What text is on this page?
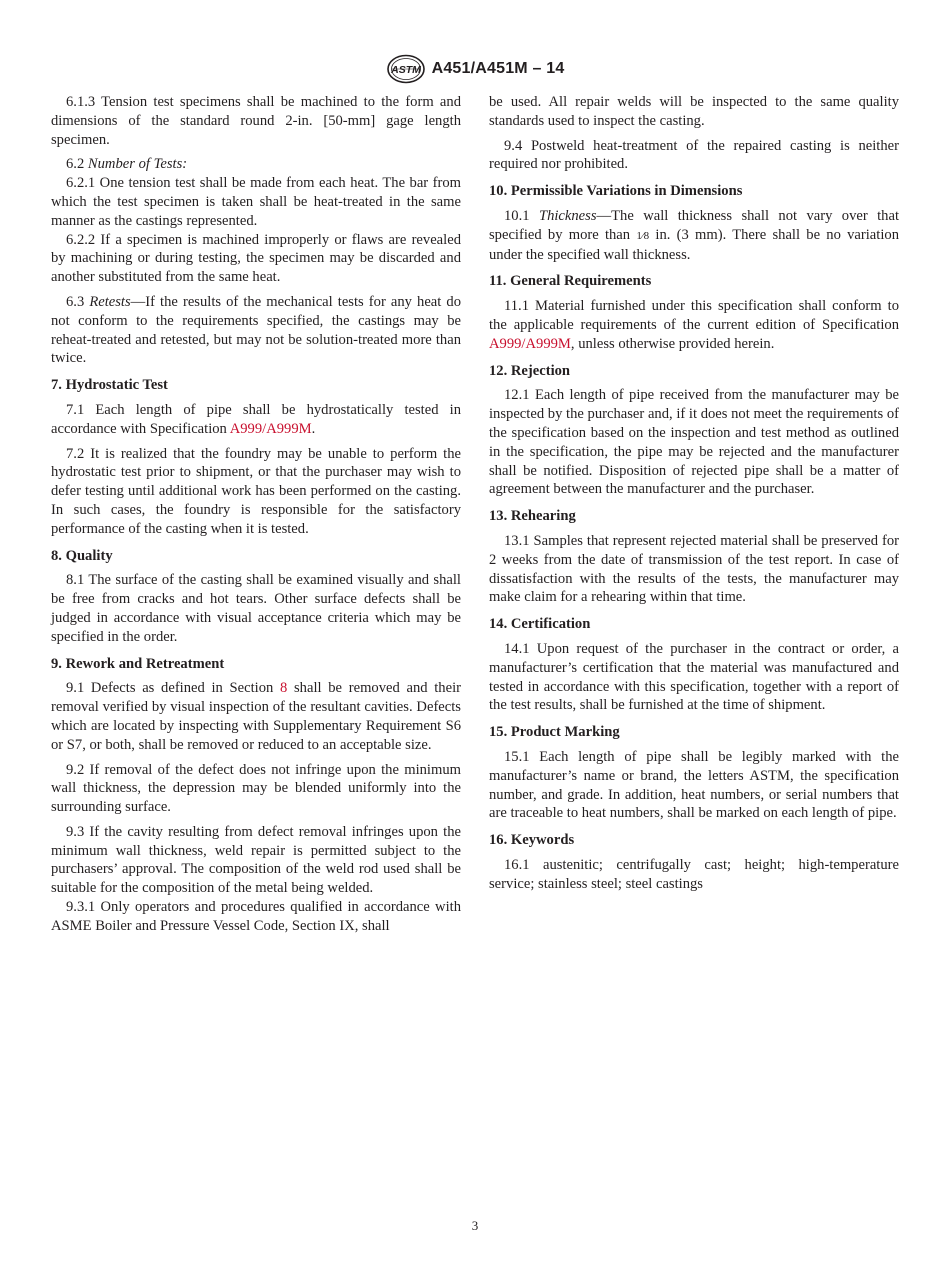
ASTM A451/A451M – 14

6.1.3 Tension test specimens shall be machined to the form and dimensions of the standard round 2-in. [50-mm] gage length specimen.

6.2 Number of Tests:

6.2.1 One tension test shall be made from each heat. The bar from which the test specimen is taken shall be heat-treated in the same manner as the castings represented.

6.2.2 If a specimen is machined improperly or flaws are revealed by machining or during testing, the specimen may be discarded and another substituted from the same heat.

6.3 Retests—If the results of the mechanical tests for any heat do not conform to the requirements specified, the castings may be reheat-treated and retested, but may not be solution-treated more than twice.

7. Hydrostatic Test

7.1 Each length of pipe shall be hydrostatically tested in accordance with Specification A999/A999M.

7.2 It is realized that the foundry may be unable to perform the hydrostatic test prior to shipment, or that the purchaser may wish to defer testing until additional work has been performed on the casting. In such cases, the foundry is responsible for the satisfactory performance of the casting when it is tested.

8. Quality

8.1 The surface of the casting shall be examined visually and shall be free from cracks and hot tears. Other surface defects shall be judged in accordance with visual acceptance criteria which may be specified in the order.

9. Rework and Retreatment

9.1 Defects as defined in Section 8 shall be removed and their removal verified by visual inspection of the resultant cavities. Defects which are located by inspecting with Supplementary Requirement S6 or S7, or both, shall be removed or reduced to an acceptable size.

9.2 If removal of the defect does not infringe upon the minimum wall thickness, the depression may be blended uniformly into the surrounding surface.

9.3 If the cavity resulting from defect removal infringes upon the minimum wall thickness, weld repair is permitted subject to the purchasers’ approval. The composition of the weld rod used shall be suitable for the composition of the metal being welded.

9.3.1 Only operators and procedures qualified in accordance with ASME Boiler and Pressure Vessel Code, Section IX, shall

be used. All repair welds will be inspected to the same quality standards used to inspect the casting.

9.4 Postweld heat-treatment of the repaired casting is neither required nor prohibited.

10. Permissible Variations in Dimensions

10.1 Thickness—The wall thickness shall not vary over that specified by more than 1⁄8 in. (3 mm). There shall be no variation under the specified wall thickness.

11. General Requirements

11.1 Material furnished under this specification shall conform to the applicable requirements of the current edition of Specification A999/A999M, unless otherwise provided herein.

12. Rejection

12.1 Each length of pipe received from the manufacturer may be inspected by the purchaser and, if it does not meet the requirements of the specification based on the inspection and test method as outlined in the specification, the pipe may be rejected and the manufacturer shall be notified. Disposition of rejected pipe shall be a matter of agreement between the manufacturer and the purchaser.

13. Rehearing

13.1 Samples that represent rejected material shall be preserved for 2 weeks from the date of transmission of the test report. In case of dissatisfaction with the results of the tests, the manufacturer may make claim for a rehearing within that time.

14. Certification

14.1 Upon request of the purchaser in the contract or order, a manufacturer’s certification that the material was manufactured and tested in accordance with this specification, together with a report of the test results, shall be furnished at the time of shipment.

15. Product Marking

15.1 Each length of pipe shall be legibly marked with the manufacturer’s name or brand, the letters ASTM, the specification number, and grade. In addition, heat numbers, or serial numbers that are traceable to heat numbers, shall be marked on each length of pipe.

16. Keywords

16.1 austenitic; centrifugally cast; height; high-temperature service; stainless steel; steel castings

3
